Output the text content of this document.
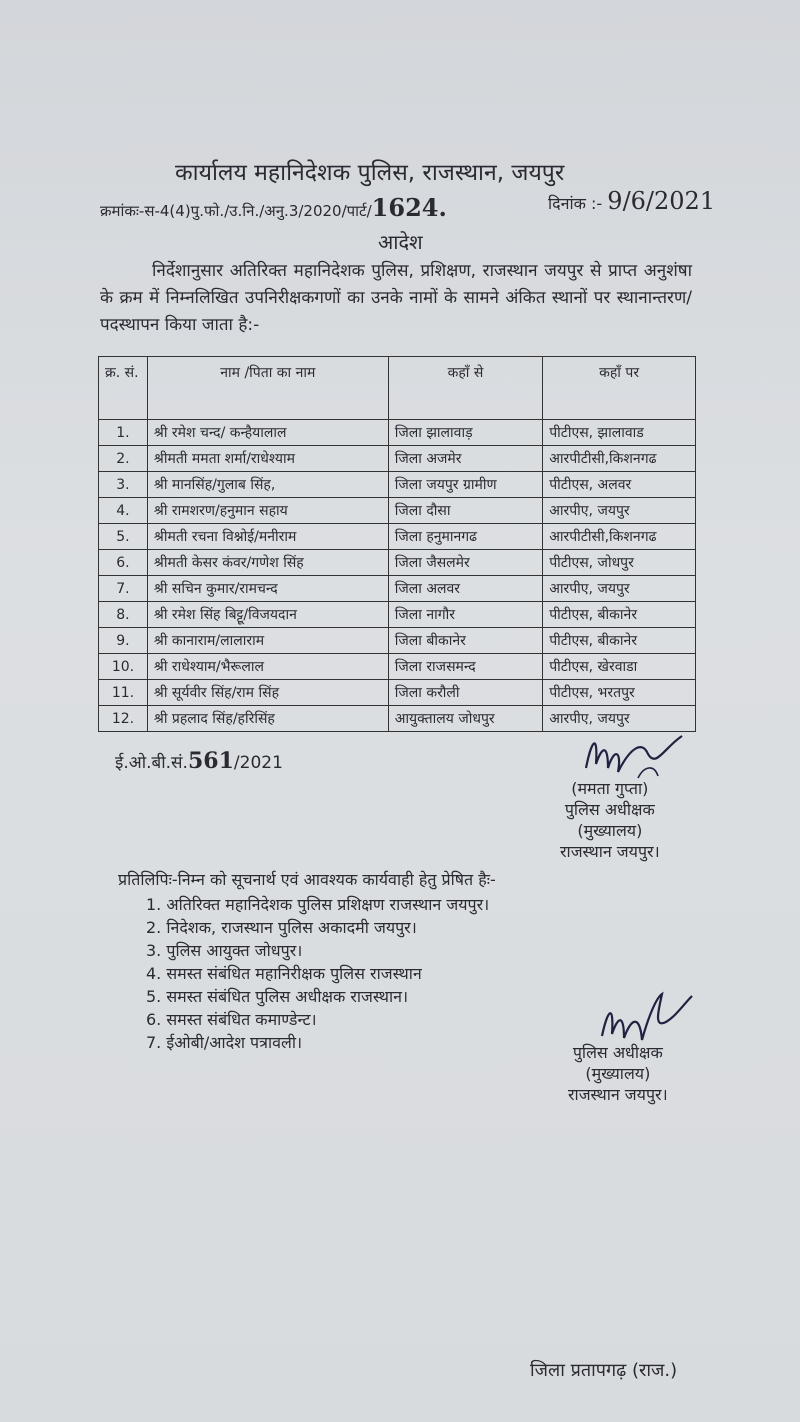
कार्यालय महानिदेशक पुलिस, राजस्थान, जयपुर
क्रमांकः-स-4(4)पु.फो./उ.नि./अनु.3/2020/पार्ट/1624.	दिनांक :- 9/6/2021
आदेश
निर्देशानुसार अतिरिक्त महानिदेशक पुलिस, प्रशिक्षण, राजस्थान जयपुर से प्राप्त अनुशंषा के क्रम में निम्नलिखित उपनिरीक्षकगणों का उनके नामों के सामने अंकित स्थानों पर स्थानान्तरण/पदस्थापन किया जाता है:-
क्र. सं.	नाम /पिता का नाम	कहाँ से	कहाँ पर
1.	श्री रमेश चन्द/ कन्हैयालाल	जिला झालावाड़	पीटीएस, झालावाड
2.	श्रीमती ममता शर्मा/राधेश्याम	जिला अजमेर	आरपीटीसी,किशनगढ
3.	श्री मानसिंह/गुलाब सिंह,	जिला जयपुर ग्रामीण	पीटीएस, अलवर
4.	श्री रामशरण/हनुमान सहाय	जिला दौसा	आरपीए, जयपुर
5.	श्रीमती रचना विश्नोई/मनीराम	जिला हनुमानगढ	आरपीटीसी,किशनगढ
6.	श्रीमती केसर कंवर/गणेश सिंह	जिला जैसलमेर	पीटीएस, जोधपुर
7.	श्री सचिन कुमार/रामचन्द	जिला अलवर	आरपीए, जयपुर
8.	श्री रमेश सिंह बिट्टू/विजयदान	जिला नागौर	पीटीएस, बीकानेर
9.	श्री कानाराम/लालाराम	जिला बीकानेर	पीटीएस, बीकानेर
10.	श्री राधेश्याम/भैरूलाल	जिला राजसमन्द	पीटीएस, खेरवाडा
11.	श्री सूर्यवीर सिंह/राम सिंह	जिला करौली	पीटीएस, भरतपुर
12.	श्री प्रहलाद सिंह/हरिसिंह	आयुक्तालय जोधपुर	आरपीए, जयपुर
ई.ओ.बी.सं.561/2021
(ममता गुप्ता)
पुलिस अधीक्षक
(मुख्यालय)
राजस्थान जयपुर।
प्रतिलिपिः-निम्न को सूचनार्थ एवं आवश्यक कार्यवाही हेतु प्रेषित हैः-
1. अतिरिक्त महानिदेशक पुलिस प्रशिक्षण राजस्थान जयपुर।
2. निदेशक, राजस्थान पुलिस अकादमी जयपुर।
3. पुलिस आयुक्त जोधपुर।
4. समस्त संबंधित महानिरीक्षक पुलिस राजस्थान
5. समस्त संबंधित पुलिस अधीक्षक राजस्थान।
6. समस्त संबंधित कमाण्डेन्ट।
7. ईओबी/आदेश पत्रावली।
पुलिस अधीक्षक
(मुख्यालय)
राजस्थान जयपुर।
जिला प्रतापगढ़ (राज.)
